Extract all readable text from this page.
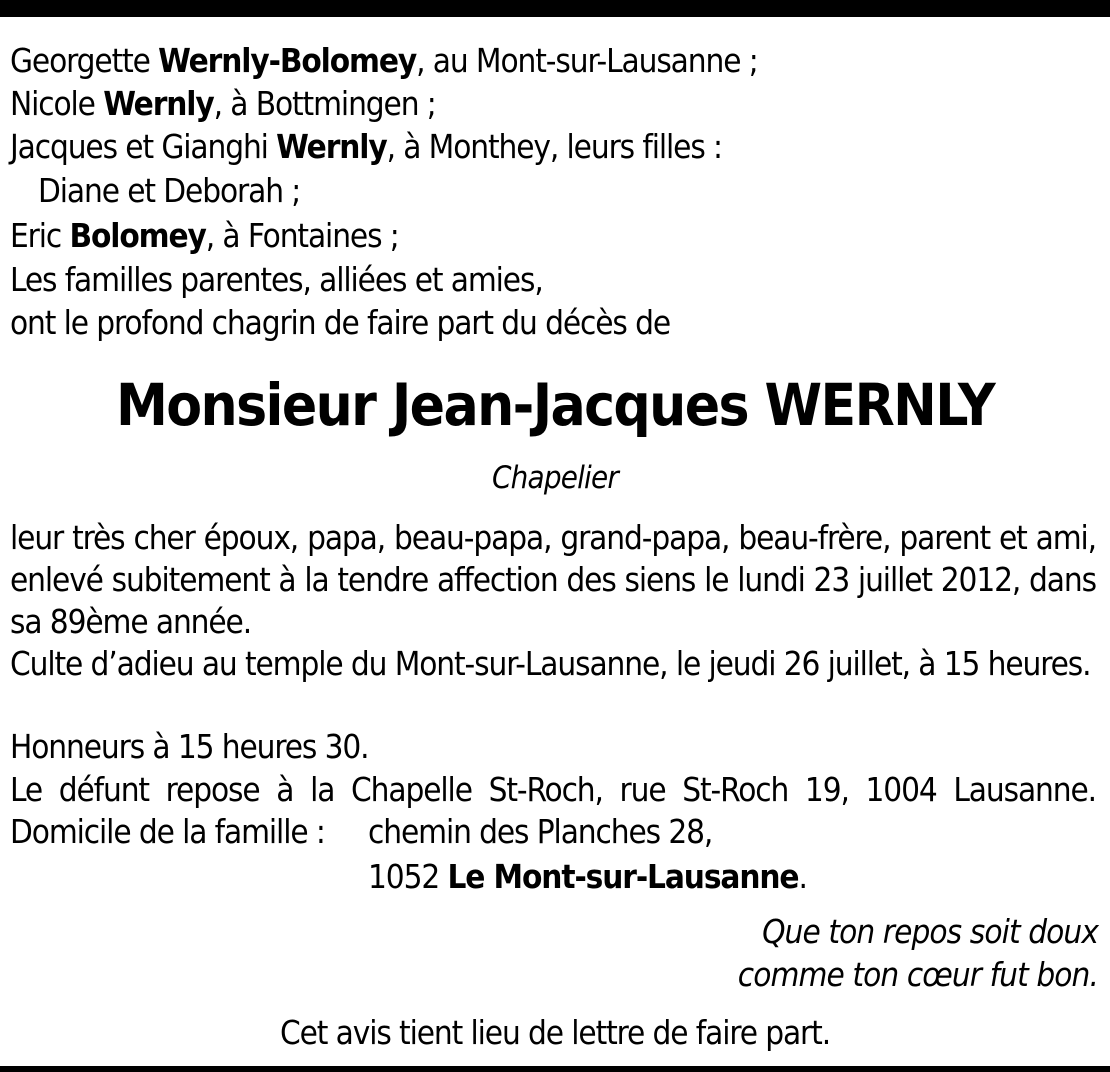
Georgette Wernly-Bolomey, au Mont-sur-Lausanne ;
Nicole Wernly, à Bottmingen ;
Jacques et Gianghi Wernly, à Monthey, leurs filles :
Diane et Deborah ;
Eric Bolomey, à Fontaines ;
Les familles parentes, alliées et amies,
ont le profond chagrin de faire part du décès de
Monsieur Jean-Jacques WERNLY
Chapelier
leur très cher époux, papa, beau-papa, grand-papa, beau-frère, parent et ami, enlevé subitement à la tendre affection des siens le lundi 23 juillet 2012, dans sa 89ème année.
Culte d’adieu au temple du Mont-sur-Lausanne, le jeudi 26 juillet, à 15 heures.
Honneurs à 15 heures 30.
Le défunt repose à la Chapelle St-Roch, rue St-Roch 19, 1004 Lausanne.
Domicile de la famille : chemin des Planches 28,
1052 Le Mont-sur-Lausanne.
Que ton repos soit doux
comme ton cœur fut bon.
Cet avis tient lieu de lettre de faire part.
